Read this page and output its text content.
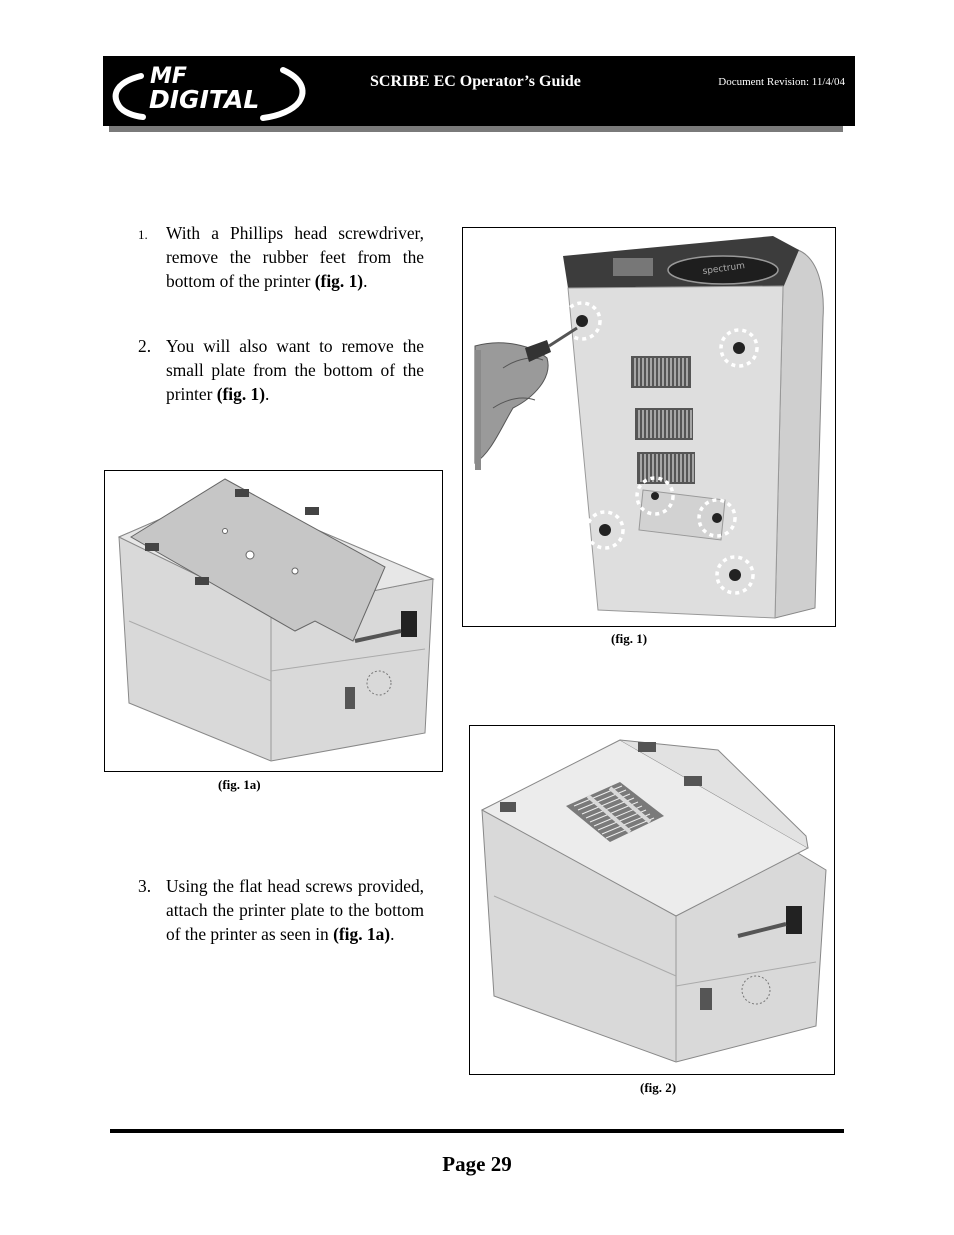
MF
DIGITAL
SCRIBE EC Operator’s Guide	Document Revision: 11/4/04
1. With a Phillips head screwdriver, remove the rubber feet from the bottom of the printer (fig. 1).
2. You will also want to remove the small plate from the bottom of the printer (fig. 1).
3. Using the flat head screws provided, attach the printer plate to the bottom of the printer as seen in (fig. 1a).
spectrum
(fig. 1)
(fig. 1a)
(fig. 2)
Page 29
